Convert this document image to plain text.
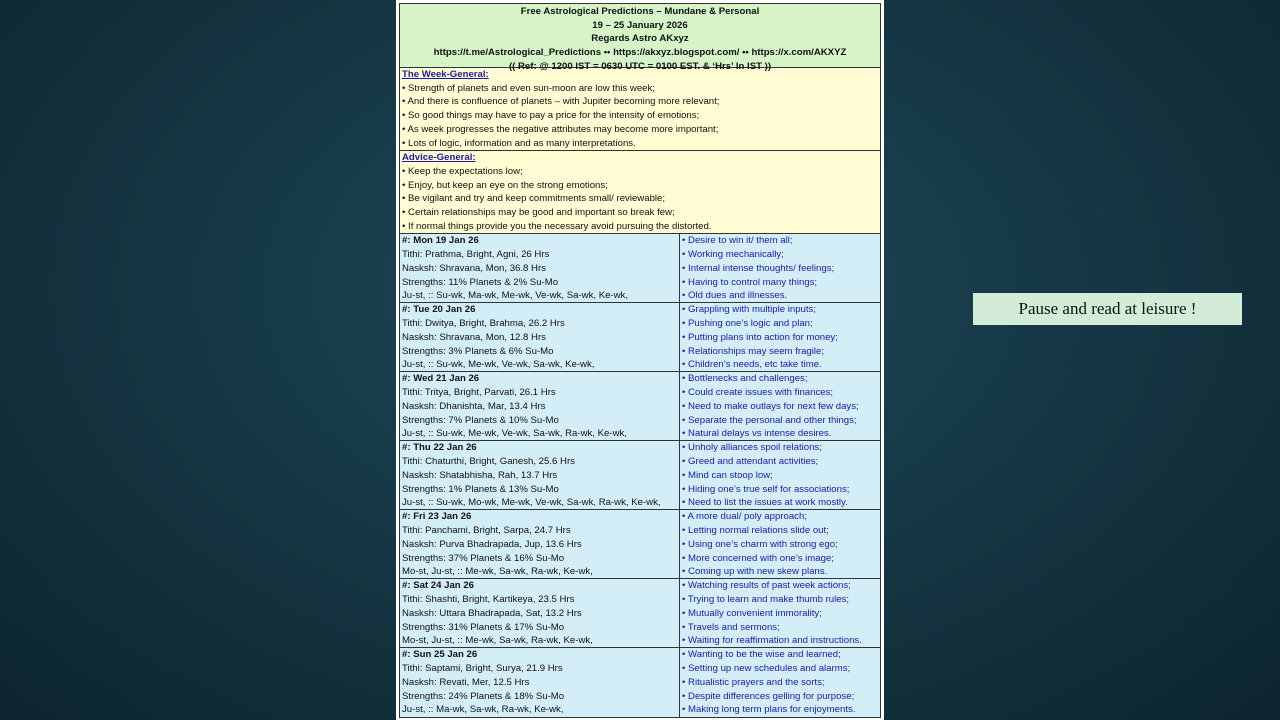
Free Astrological Predictions – Mundane & Personal
19 – 25 January 2026
Regards Astro AKxyz
https://t.me/Astrological_Predictions •• https://akxyz.blogspot.com/ •• https://x.com/AKXYZ
(( Ref: @ 1200 IST = 0630 UTC = 0100 EST. & ‘Hrs’ In IST ))
The Week-General:
• Strength of planets and even sun-moon are low this week;
• And there is confluence of planets – with Jupiter becoming more relevant;
• So good things may have to pay a price for the intensity of emotions;
• As week progresses the negative attributes may become more important;
• Lots of logic, information and as many interpretations.
Advice-General:
• Keep the expectations low;
• Enjoy, but keep an eye on the strong emotions;
• Be vigilant and try and keep commitments small/ reviewable;
• Certain relationships may be good and important so break few;
• If normal things provide you the necessary avoid pursuing the distorted.
#: Mon 19 Jan 26
Tithi: Prathma, Bright, Agni, 26 Hrs
Nasksh: Shravana, Mon, 36.8 Hrs
Strengths: 11% Planets & 2% Su-Mo
Ju-st, :: Su-wk, Ma-wk, Me-wk, Ve-wk, Sa-wk, Ke-wk,
• Desire to win it/ them all;
• Working mechanically;
• Internal intense thoughts/ feelings;
• Having to control many things;
• Old dues and illnesses.
#: Tue 20 Jan 26
Tithi: Dwitya, Bright, Brahma, 26.2 Hrs
Nasksh: Shravana, Mon, 12.8 Hrs
Strengths: 3% Planets & 6% Su-Mo
Ju-st, :: Su-wk, Me-wk, Ve-wk, Sa-wk, Ke-wk,
• Grappling with multiple inputs;
• Pushing one’s logic and plan;
• Putting plans into action for money;
• Relationships may seem fragile;
• Children’s needs, etc take time.
#: Wed 21 Jan 26
Tithi: Tritya, Bright, Parvati, 26.1 Hrs
Nasksh: Dhanishta, Mar, 13.4 Hrs
Strengths: 7% Planets & 10% Su-Mo
Ju-st, :: Su-wk, Me-wk, Ve-wk, Sa-wk, Ra-wk, Ke-wk,
• Bottlenecks and challenges;
• Could create issues with finances;
• Need to make outlays for next few days;
• Separate the personal and other things;
• Natural delays vs intense desires.
#: Thu 22 Jan 26
Tithi: Chaturthi, Bright, Ganesh, 25.6 Hrs
Nasksh: Shatabhisha, Rah, 13.7 Hrs
Strengths: 1% Planets & 13% Su-Mo
Ju-st, :: Su-wk, Mo-wk, Me-wk, Ve-wk, Sa-wk, Ra-wk, Ke-wk,
• Unholy alliances spoil relations;
• Greed and attendant activities;
• Mind can stoop low;
• Hiding one’s true self for associations;
• Need to list the issues at work mostly.
#: Fri 23 Jan 26
Tithi: Panchami, Bright, Sarpa, 24.7 Hrs
Nasksh: Purva Bhadrapada, Jup, 13.6 Hrs
Strengths: 37% Planets & 16% Su-Mo
Mo-st, Ju-st, :: Me-wk, Sa-wk, Ra-wk, Ke-wk,
• A more dual/ poly approach;
• Letting normal relations slide out;
• Using one’s charm with strong ego;
• More concerned with one’s image;
• Coming up with new skew plans.
#: Sat 24 Jan 26
Tithi: Shashti, Bright, Kartikeya, 23.5 Hrs
Nasksh: Uttara Bhadrapada, Sat, 13.2 Hrs
Strengths: 31% Planets & 17% Su-Mo
Mo-st, Ju-st, :: Me-wk, Sa-wk, Ra-wk, Ke-wk,
• Watching results of past week actions;
• Trying to learn and make thumb rules;
• Mutually convenient immorality;
• Travels and sermons;
• Waiting for reaffirmation and instructions.
#: Sun 25 Jan 26
Tithi: Saptami, Bright, Surya, 21.9 Hrs
Nasksh: Revati, Mer, 12.5 Hrs
Strengths: 24% Planets & 18% Su-Mo
Ju-st, :: Ma-wk, Sa-wk, Ra-wk, Ke-wk,
• Wanting to be the wise and learned;
• Setting up new schedules and alarms;
• Ritualistic prayers and the sorts;
• Despite differences gelling for purpose;
• Making long term plans for enjoyments.
Pause and read at leisure !
